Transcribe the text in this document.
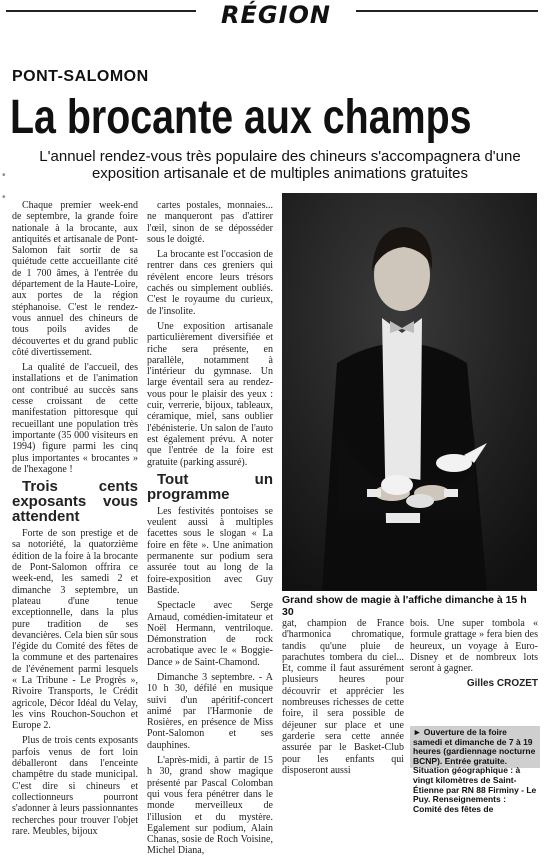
RÉGION
PONT-SALOMON
La brocante aux champs
L'annuel rendez-vous très populaire des chineurs s'accompagnera d'une exposition artisanale et de multiples animations gratuites
•

•

Chaque premier week-end de septembre, la grande foire nationale à la brocante, aux antiquités et artisanale de Pont-Salomon fait sortir de sa quiétude cette accueillante cité de 1 700 âmes, à l'entrée du département de la Haute-Loire, aux portes de la région stéphanoise. C'est le rendez-vous annuel des chineurs de tous poils avides de découvertes et du grand public côté divertissement.

La qualité de l'accueil, des installations et de l'animation ont contribué au succès sans cesse croissant de cette manifestation pittoresque qui recueillant une population très importante (35 000 visiteurs en 1994) figure parmi les cinq plus importantes « brocantes » de l'hexagone !

Trois cents exposants vous attendent

Forte de son prestige et de sa notoriété, la quatorzième édition de la foire à la brocante de Pont-Salomon offrira ce week-end, les samedi 2 et dimanche 3 septembre, un plateau d'une tenue exceptionnelle, dans la plus pure tradition de ses devancières. Cela bien sûr sous l'égide du Comité des fêtes de la commune et des partenaires de l'événement parmi lesquels « La Tribune - Le Progrès », Rivoire Transports, le Crédit agricole, Décor Idéal du Velay, les vins Rouchon-Souchon et Europe 2.

Plus de trois cents exposants parfois venus de fort loin déballeront dans l'enceinte champêtre du stade municipal. C'est dire si chineurs et collectionneurs pourront s'adonner à leurs passionnantes recherches pour trouver l'objet rare. Meubles, bijoux

cartes postales, monnaies... ne manqueront pas d'attirer l'œil, sinon de se déposséder sous le doigté.

La brocante est l'occasion de rentrer dans ces greniers qui révèlent encore leurs trésors cachés ou simplement oubliés. C'est le royaume du curieux, de l'insolite.

Une exposition artisanale particulièrement diversifiée et riche sera présente, en parallèle, notamment à l'intérieur du gymnase. Un large éventail sera au rendez-vous pour le plaisir des yeux : cuir, verrerie, bijoux, tableaux, céramique, miel, sans oublier l'ébénisterie. Un salon de l'auto est également prévu. A noter que l'entrée de la foire est gratuite (parking assuré).

Tout un programme

Les festivités pontoises se veulent aussi à multiples facettes sous le slogan « La foire en fête ». Une animation permanente sur podium sera assurée tout au long de la foire-exposition avec Guy Bastide.

Spectacle avec Serge Arnaud, comédien-imitateur et Noël Hermann, ventriloque. Démonstration de rock acrobatique avec le « Boggie-Dance » de Saint-Chamond.

Dimanche 3 septembre. - A 10 h 30, défilé en musique suivi d'un apéritif-concert animé par l'Harmonie de Rosières, en présence de Miss Pont-Salomon et ses dauphines.

L'après-midi, à partir de 15 h 30, grand show magique présenté par Pascal Colomban qui vous fera pénétrer dans le monde merveilleux de l'illusion et du mystère. Egalement sur podium, Alain Chanas, sosie de Roch Voisine, Michel Diana,

Grand show de magie à l'affiche dimanche à 15 h 30
gat, champion de France d'harmonica chromatique, tandis qu'une pluie de parachutes tombera du ciel... Et, comme il faut assurément plusieurs heures pour découvrir et apprécier les nombreuses richesses de cette foire, il sera possible de déjeuner sur place et une garderie sera cette année assurée par le Basket-Club pour les enfants qui disposeront aussi
bois. Une super tombola « formule grattage » fera bien des heureux, un voyage à Euro-Disney et de nombreux lots seront à gagner.
Gilles CROZET
► Ouverture de la foire samedi et dimanche de 7 à 19 heures (gardiennage nocturne BCNP). Entrée gratuite. Situation géographique : à vingt kilomètres de Saint-Étienne par RN 88 Firminy - Le Puy. Renseignements : Comité des fêtes de
